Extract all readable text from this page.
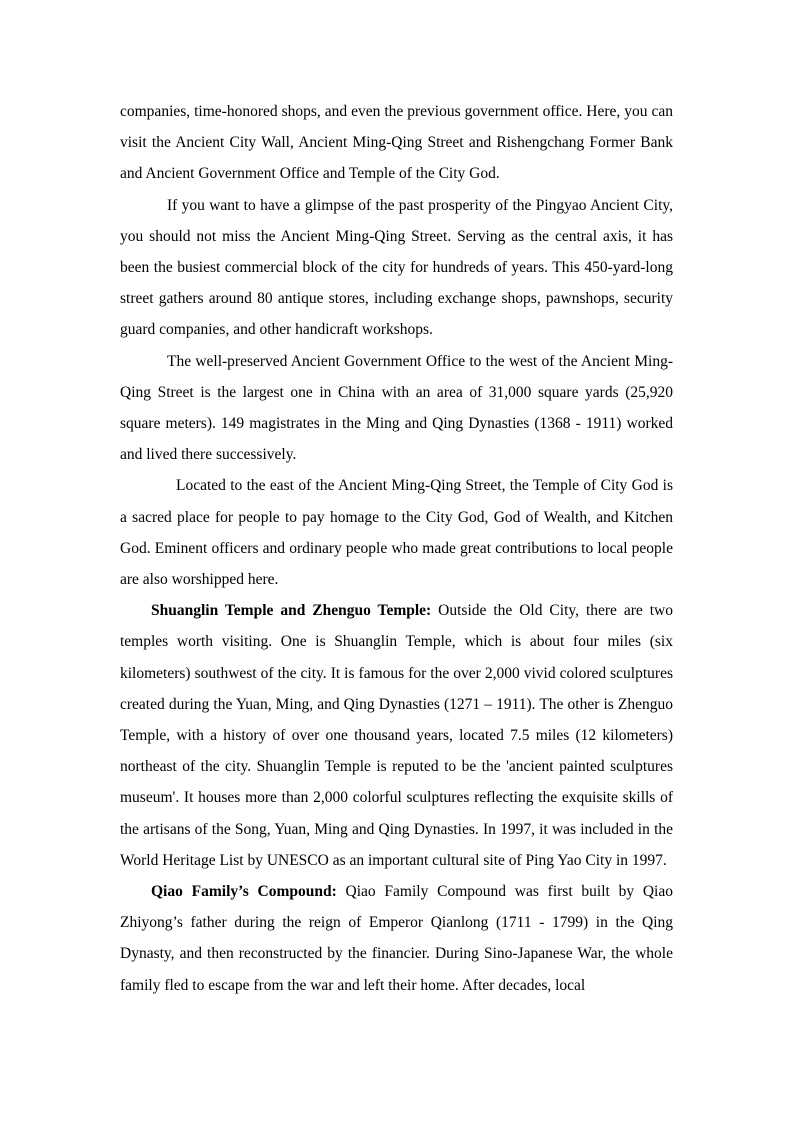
companies, time-honored shops, and even the previous government office. Here, you can visit the Ancient City Wall, Ancient Ming-Qing Street and Rishengchang Former Bank and Ancient Government Office and Temple of the City God.

If you want to have a glimpse of the past prosperity of the Pingyao Ancient City, you should not miss the Ancient Ming-Qing Street. Serving as the central axis, it has been the busiest commercial block of the city for hundreds of years. This 450-yard-long street gathers around 80 antique stores, including exchange shops, pawnshops, security guard companies, and other handicraft workshops.

The well-preserved Ancient Government Office to the west of the Ancient Ming-Qing Street is the largest one in China with an area of 31,000 square yards (25,920 square meters). 149 magistrates in the Ming and Qing Dynasties (1368 - 1911) worked and lived there successively.

Located to the east of the Ancient Ming-Qing Street, the Temple of City God is a sacred place for people to pay homage to the City God, God of Wealth, and Kitchen God. Eminent officers and ordinary people who made great contributions to local people are also worshipped here.

Shuanglin Temple and Zhenguo Temple: Outside the Old City, there are two temples worth visiting. One is Shuanglin Temple, which is about four miles (six kilometers) southwest of the city. It is famous for the over 2,000 vivid colored sculptures created during the Yuan, Ming, and Qing Dynasties (1271 – 1911). The other is Zhenguo Temple, with a history of over one thousand years, located 7.5 miles (12 kilometers) northeast of the city. Shuanglin Temple is reputed to be the 'ancient painted sculptures museum'. It houses more than 2,000 colorful sculptures reflecting the exquisite skills of the artisans of the Song, Yuan, Ming and Qing Dynasties. In 1997, it was included in the World Heritage List by UNESCO as an important cultural site of Ping Yao City in 1997.

Qiao Family’s Compound: Qiao Family Compound was first built by Qiao Zhiyong’s father during the reign of Emperor Qianlong (1711 - 1799) in the Qing Dynasty, and then reconstructed by the financier. During Sino-Japanese War, the whole family fled to escape from the war and left their home. After decades, local
